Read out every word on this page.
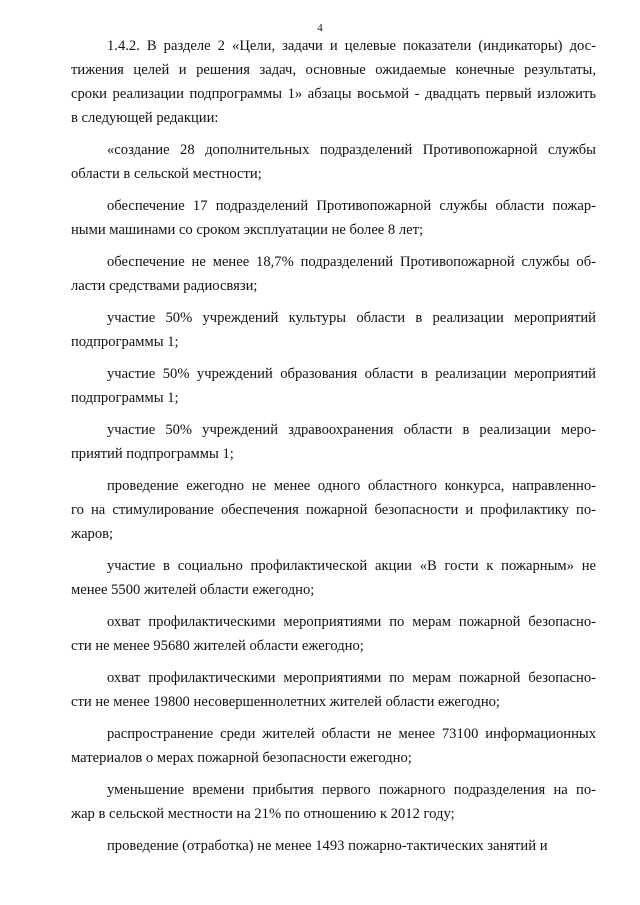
4
1.4.2. В разделе 2 «Цели, задачи и целевые показатели (индикаторы) дос-
тижения целей и решения задач, основные ожидаемые конечные результаты,
сроки реализации подпрограммы 1» абзацы восьмой - двадцать первый изложить
в следующей редакции:
«создание 28 дополнительных подразделений Противопожарной службы
области в сельской местности;
обеспечение 17 подразделений Противопожарной службы области пожар-
ными машинами со сроком эксплуатации не более 8 лет;
обеспечение не менее 18,7% подразделений Противопожарной службы об-
ласти средствами радиосвязи;
участие 50% учреждений культуры области в реализации мероприятий
подпрограммы 1;
участие 50% учреждений образования области в реализации мероприятий
подпрограммы 1;
участие 50% учреждений здравоохранения области в реализации меро-
приятий подпрограммы 1;
проведение ежегодно не менее одного областного конкурса, направленно-
го на стимулирование обеспечения пожарной безопасности и профилактику по-
жаров;
участие в социально профилактической акции «В гости к пожарным» не
менее 5500 жителей области ежегодно;
охват профилактическими мероприятиями по мерам пожарной безопасно-
сти не менее 95680 жителей области ежегодно;
охват профилактическими мероприятиями по мерам пожарной безопасно-
сти не менее 19800 несовершеннолетних жителей области ежегодно;
распространение среди жителей области не менее 73100 информационных
материалов о мерах пожарной безопасности ежегодно;
уменьшение времени прибытия первого пожарного подразделения на по-
жар в сельской местности на 21% по отношению к 2012 году;
проведение (отработка) не менее 1493 пожарно-тактических занятий и
